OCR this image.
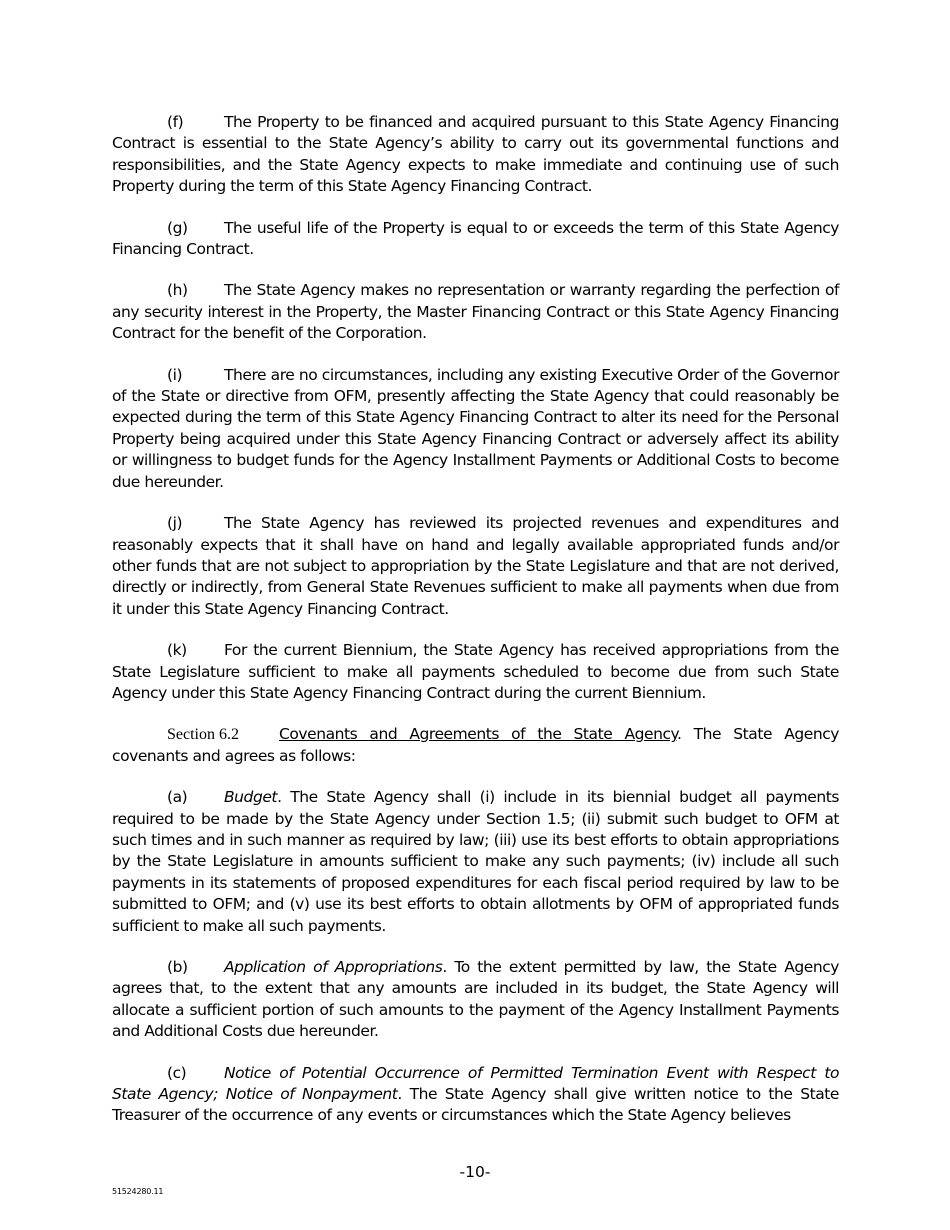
(f)	The Property to be financed and acquired pursuant to this State Agency Financing Contract is essential to the State Agency’s ability to carry out its governmental functions and responsibilities, and the State Agency expects to make immediate and continuing use of such Property during the term of this State Agency Financing Contract.

(g) The useful life of the Property is equal to or exceeds the term of this State Agency Financing Contract.

(h) The State Agency makes no representation or warranty regarding the perfection of any security interest in the Property, the Master Financing Contract or this State Agency Financing Contract for the benefit of the Corporation.

(i)	There are no circumstances, including any existing Executive Order of the Governor of the State or directive from OFM, presently affecting the State Agency that could reasonably be expected during the term of this State Agency Financing Contract to alter its need for the Personal Property being acquired under this State Agency Financing Contract or adversely affect its ability or willingness to budget funds for the Agency Installment Payments or Additional Costs to become due hereunder.

(j)	The State Agency has reviewed its projected revenues and expenditures and reasonably expects that it shall have on hand and legally available appropriated funds and/or other funds that are not subject to appropriation by the State Legislature and that are not derived, directly or indirectly, from General State Revenues sufficient to make all payments when due from it under this State Agency Financing Contract.

(k) For the current Biennium, the State Agency has received appropriations from the State Legislature sufficient to make all payments scheduled to become due from such State Agency under this State Agency Financing Contract during the current Biennium.

Section 6.2	Covenants and Agreements of the State Agency. The State Agency covenants and agrees as follows:

(a) Budget. The State Agency shall (i) include in its biennial budget all payments required to be made by the State Agency under Section 1.5; (ii) submit such budget to OFM at such times and in such manner as required by law; (iii) use its best efforts to obtain appropriations by the State Legislature in amounts sufficient to make any such payments; (iv) include all such payments in its statements of proposed expenditures for each fiscal period required by law to be submitted to OFM; and (v) use its best efforts to obtain allotments by OFM of appropriated funds sufficient to make all such payments.

(b) Application of Appropriations. To the extent permitted by law, the State Agency agrees that, to the extent that any amounts are included in its budget, the State Agency will allocate a sufficient portion of such amounts to the payment of the Agency Installment Payments and Additional Costs due hereunder.

(c) Notice of Potential Occurrence of Permitted Termination Event with Respect to State Agency; Notice of Nonpayment. The State Agency shall give written notice to the State Treasurer of the occurrence of any events or circumstances which the State Agency believes

-10-
51524280.11
